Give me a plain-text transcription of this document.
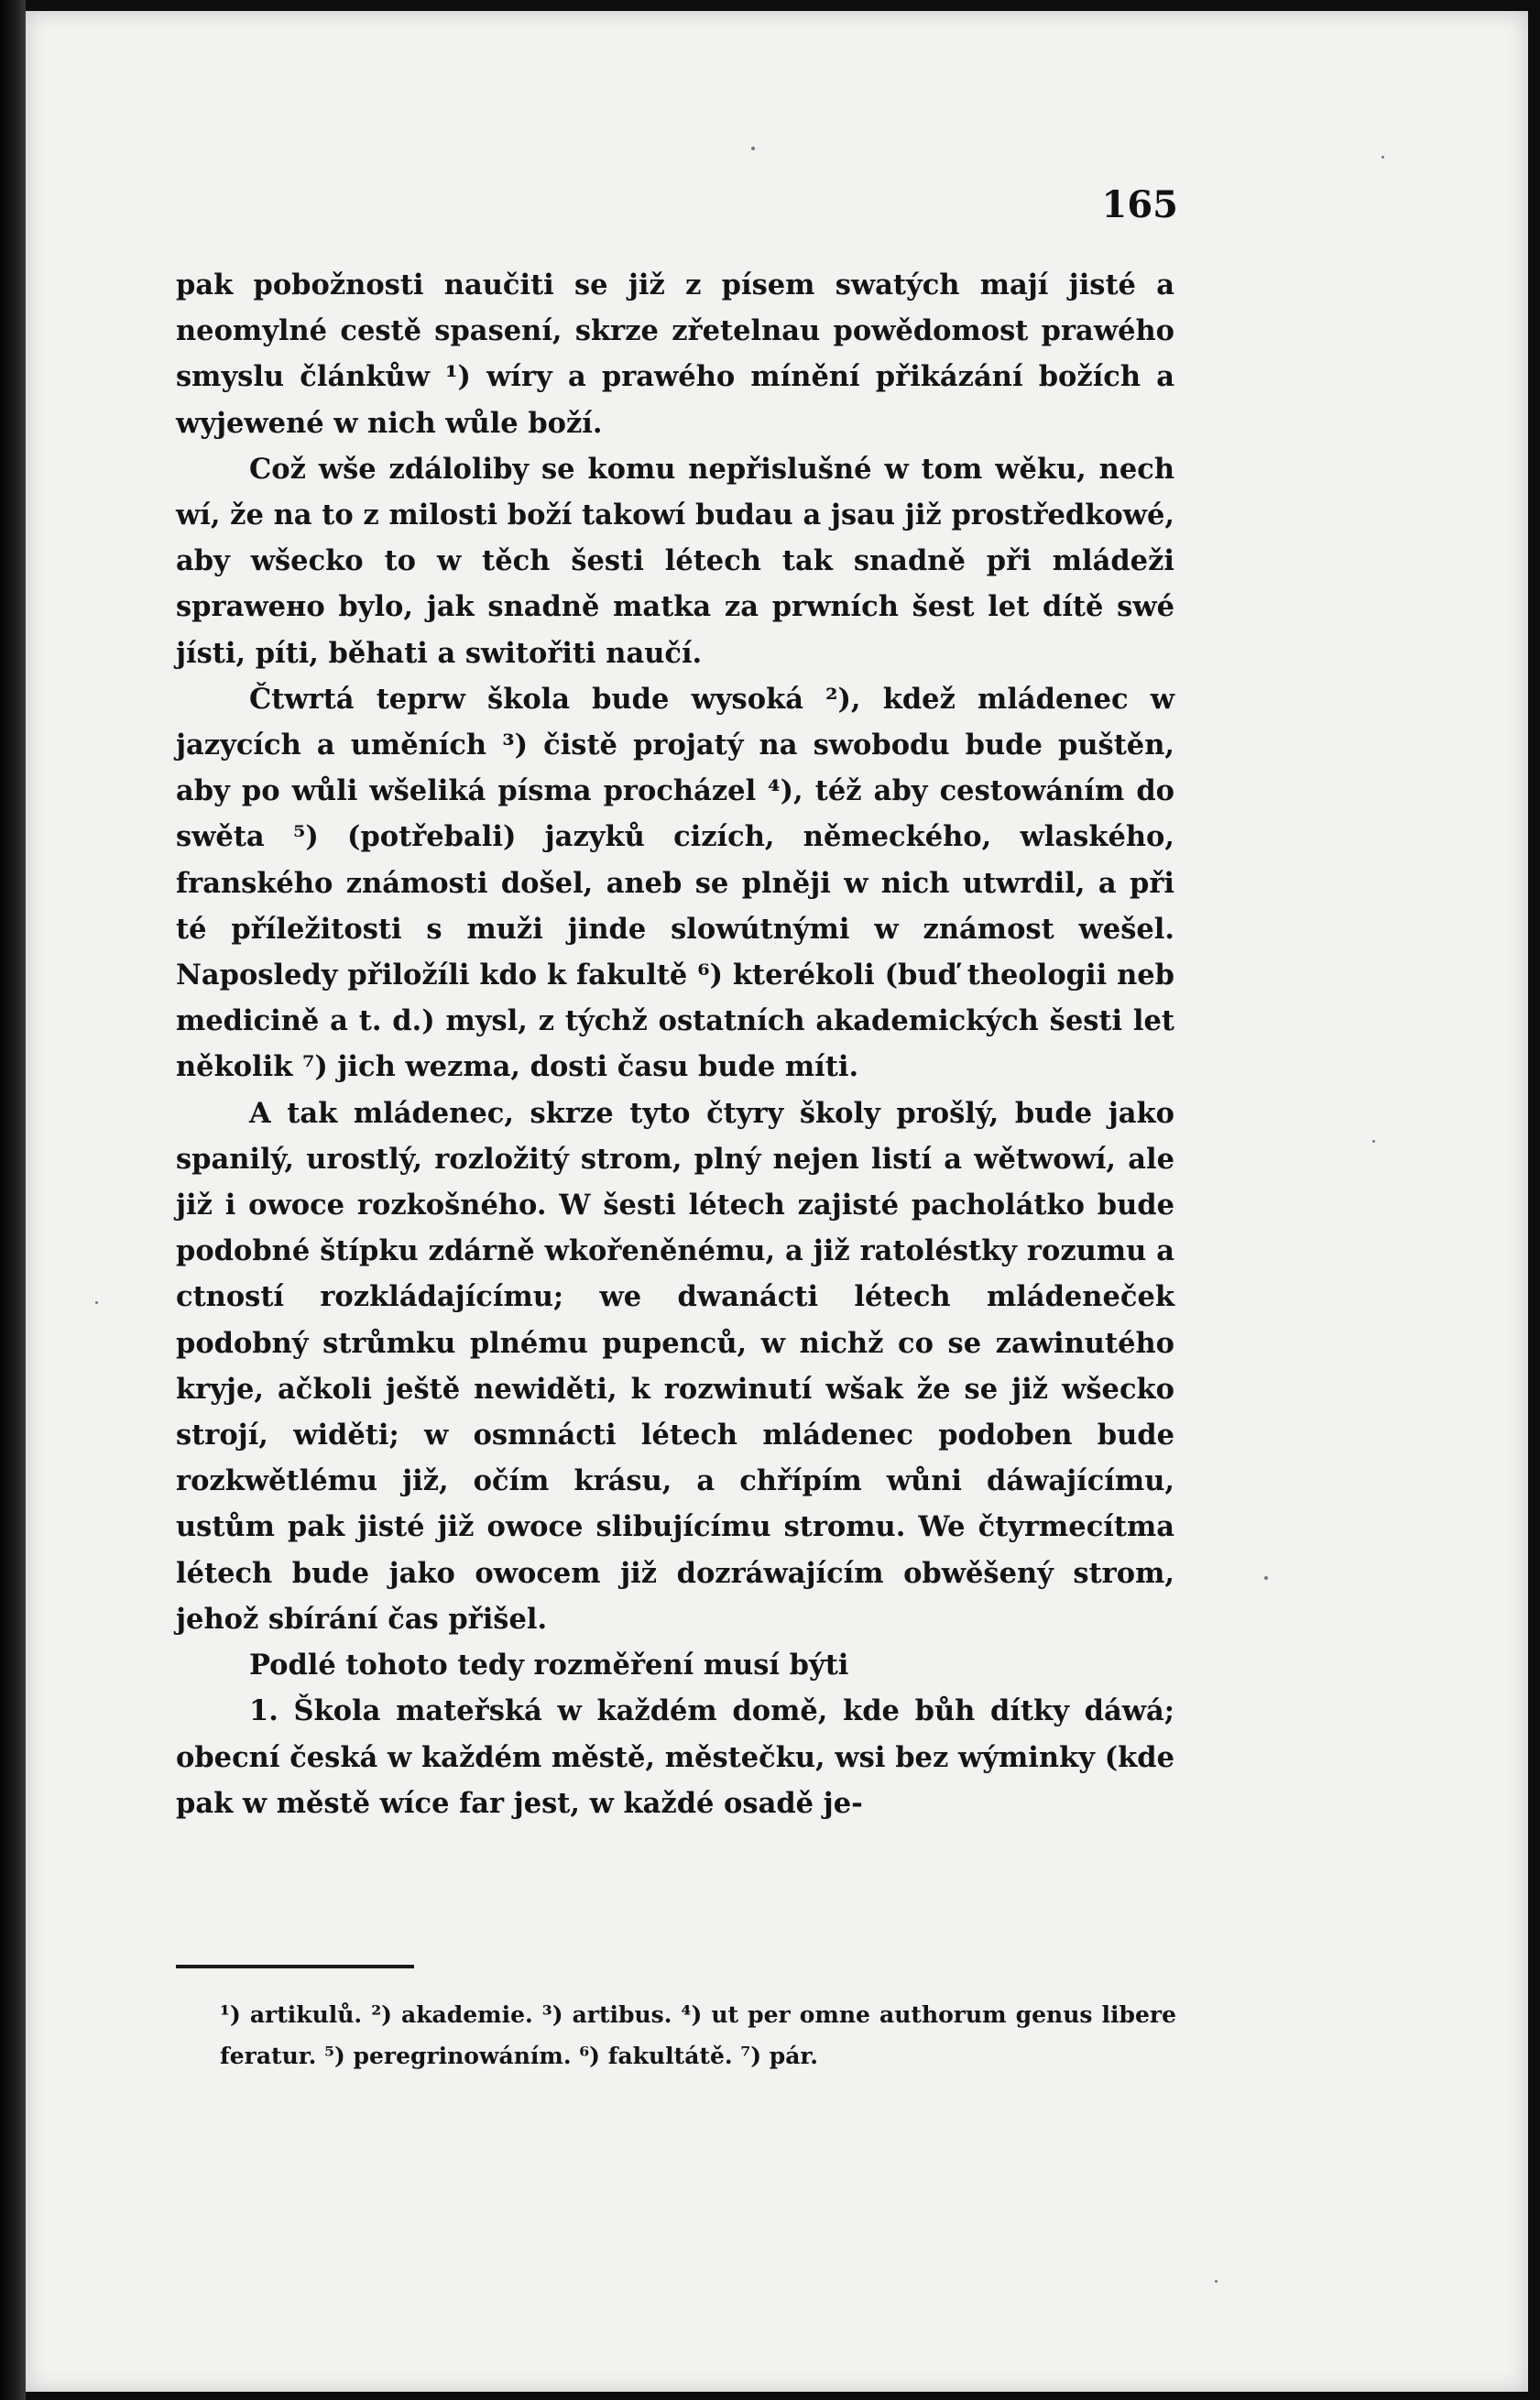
165

pak pobožnosti naučiti se již z písem swatých mají jisté a neomylné cestě spasení, skrze zřetelnau powědomost prawého smyslu článkůw ¹) wíry a prawého mínění přikázání božích a wyjewené w nich wůle boží.

Což wše zdáloliby se komu nepřislušné w tom wěku, nech wí, že na to z milosti boží takowí budau a jsau již prostředkowé, aby wšecko to w těch šesti létech tak snadně při mládeži sprawено bylo, jak snadně matka za prwních šest let dítě swé jísti, píti, běhati a switořiti naučí.

Čtwrtá teprw škola bude wysoká ²), kdež mládenec w jazycích a uměních ³) čistě projatý na swobodu bude puštěn, aby po wůli wšeliká písma procházel ⁴), též aby cestowáním do swěta ⁵) (potřebali) jazyků cizích, německého, wlaského, franského známosti došel, aneb se plněji w nich utwrdil, a při té příležitosti s muži jinde slowútnými w známost wešel. Naposledy přiložíli kdo k fakultě ⁶) kterékoli (buď theologii neb medicině a t. d.) mysl, z týchž ostatních akademických šesti let několik ⁷) jich wezma, dosti času bude míti.

A tak mládenec, skrze tyto čtyry školy prošlý, bude jako spanilý, urostlý, rozložitý strom, plný nejen listí a wětwowí, ale již i owoce rozkošného. W šesti létech zajisté pacholátko bude podobné štípku zdárně wkořeněnému, a již ratoléstky rozumu a ctností rozkládajícímu; we dwanácti létech mládeneček podobný strůmku plnému pupenců, w nichž co se zawinutého kryje, ačkoli ještě newiděti, k rozwinutí wšak že se již wšecko strojí, widěti; w osmnácti létech mládenec podoben bude rozkwětlému již, očím krásu, a chřípím wůni dáwajícímu, ustům pak jisté již owoce slibujícímu stromu. We čtyrmecítma létech bude jako owocem již dozráwajícím obwěšený strom, jehož sbírání čas přišel.

Podlé tohoto tedy rozměření musí býti

1. Škola mateřská w každém domě, kde bůh dítky dáwá; obecní česká w každém městě, městečku, wsi bez wýminky (kde pak w městě wíce far jest, w každé osadě je-

¹) artikulů. ²) akademie. ³) artibus. ⁴) ut per omne authorum genus libere feratur. ⁵) peregrinowáním. ⁶) fakultátě. ⁷) pár.
